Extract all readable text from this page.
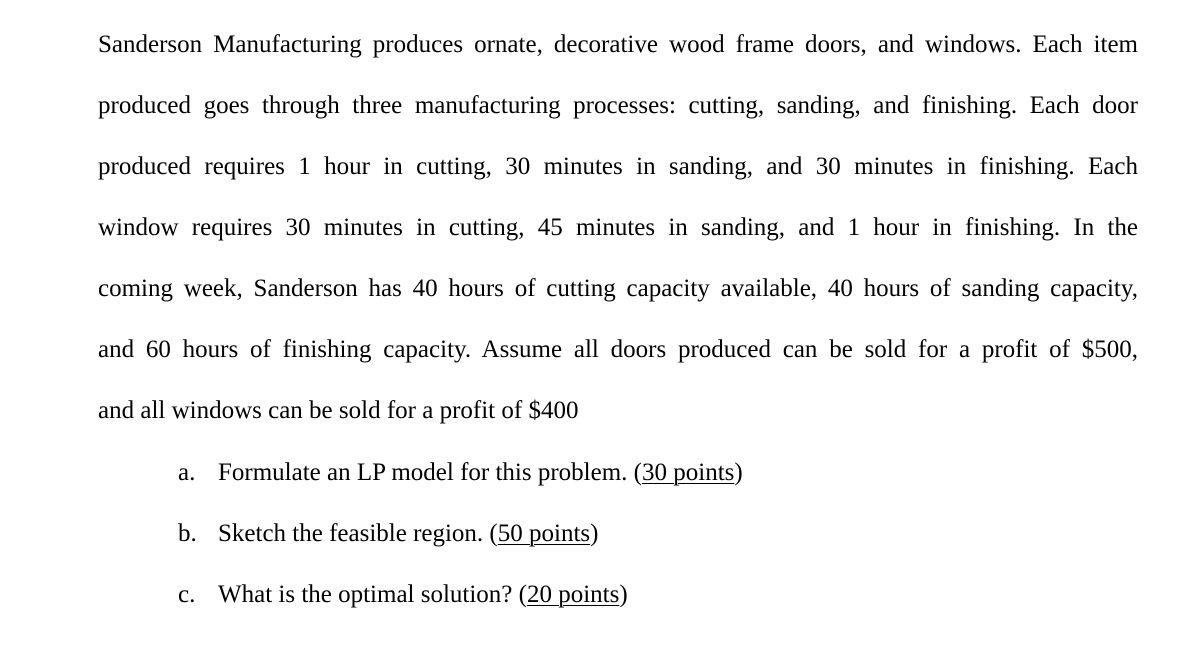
Sanderson Manufacturing produces ornate, decorative wood frame doors, and windows. Each item
produced goes through three manufacturing processes: cutting, sanding, and finishing. Each door
produced requires 1 hour in cutting, 30 minutes in sanding, and 30 minutes in finishing. Each
window requires 30 minutes in cutting, 45 minutes in sanding, and 1 hour in finishing. In the
coming week, Sanderson has 40 hours of cutting capacity available, 40 hours of sanding capacity,
and 60 hours of finishing capacity. Assume all doors produced can be sold for a profit of $500,
and all windows can be sold for a profit of $400
a. Formulate an LP model for this problem. (30 points)
b. Sketch the feasible region. (50 points)
c. What is the optimal solution? (20 points)
